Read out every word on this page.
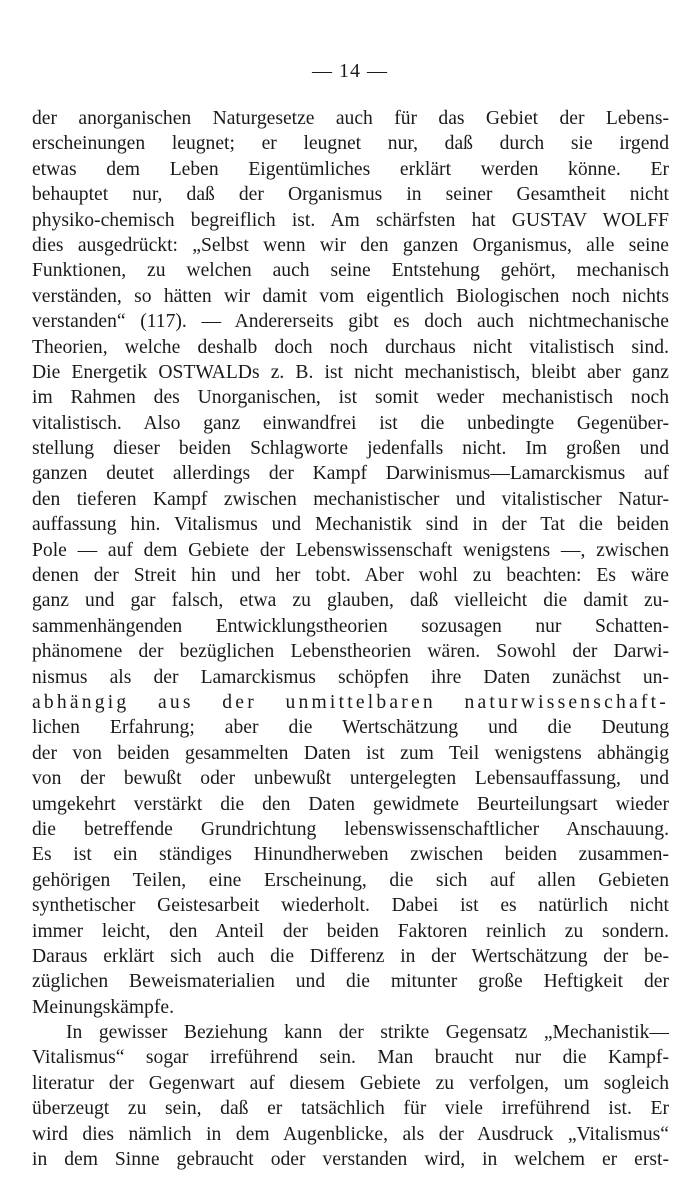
— 14 —
der anorganischen Naturgesetze auch für das Gebiet der Lebens-
erscheinungen leugnet; er leugnet nur, daß durch sie irgend
etwas dem Leben Eigentümliches erklärt werden könne. Er
behauptet nur, daß der Organismus in seiner Gesamtheit nicht
physiko-chemisch begreiflich ist. Am schärfsten hat GUSTAV WOLFF
dies ausgedrückt: „Selbst wenn wir den ganzen Organismus, alle seine
Funktionen, zu welchen auch seine Entstehung gehört, mechanisch
verständen, so hätten wir damit vom eigentlich Biologischen noch nichts
verstanden“ (117). — Andererseits gibt es doch auch nichtmechanische
Theorien, welche deshalb doch noch durchaus nicht vitalistisch sind.
Die Energetik OSTWALDs z. B. ist nicht mechanistisch, bleibt aber ganz
im Rahmen des Unorganischen, ist somit weder mechanistisch noch
vitalistisch. Also ganz einwandfrei ist die unbedingte Gegenüber-
stellung dieser beiden Schlagworte jedenfalls nicht. Im großen und
ganzen deutet allerdings der Kampf Darwinismus—Lamarckismus auf
den tieferen Kampf zwischen mechanistischer und vitalistischer Natur-
auffassung hin. Vitalismus und Mechanistik sind in der Tat die beiden
Pole — auf dem Gebiete der Lebenswissenschaft wenigstens —, zwischen
denen der Streit hin und her tobt. Aber wohl zu beachten: Es wäre
ganz und gar falsch, etwa zu glauben, daß vielleicht die damit zu-
sammenhängenden Entwicklungstheorien sozusagen nur Schatten-
phänomene der bezüglichen Lebenstheorien wären. Sowohl der Darwi-
nismus als der Lamarckismus schöpfen ihre Daten zunächst un-
abhängig aus der unmittelbaren naturwissenschaft-
lichen Erfahrung; aber die Wertschätzung und die Deutung
der von beiden gesammelten Daten ist zum Teil wenigstens abhängig
von der bewußt oder unbewußt untergelegten Lebensauffassung, und
umgekehrt verstärkt die den Daten gewidmete Beurteilungsart wieder
die betreffende Grundrichtung lebenswissenschaftlicher Anschauung.
Es ist ein ständiges Hinundherweben zwischen beiden zusammen-
gehörigen Teilen, eine Erscheinung, die sich auf allen Gebieten
synthetischer Geistesarbeit wiederholt. Dabei ist es natürlich nicht
immer leicht, den Anteil der beiden Faktoren reinlich zu sondern.
Daraus erklärt sich auch die Differenz in der Wertschätzung der be-
züglichen Beweismaterialien und die mitunter große Heftigkeit der
Meinungskämpfe.
In gewisser Beziehung kann der strikte Gegensatz „Mechanistik—
Vitalismus“ sogar irreführend sein. Man braucht nur die Kampf-
literatur der Gegenwart auf diesem Gebiete zu verfolgen, um sogleich
überzeugt zu sein, daß er tatsächlich für viele irreführend ist. Er
wird dies nämlich in dem Augenblicke, als der Ausdruck „Vitalismus“
in dem Sinne gebraucht oder verstanden wird, in welchem er erst-
